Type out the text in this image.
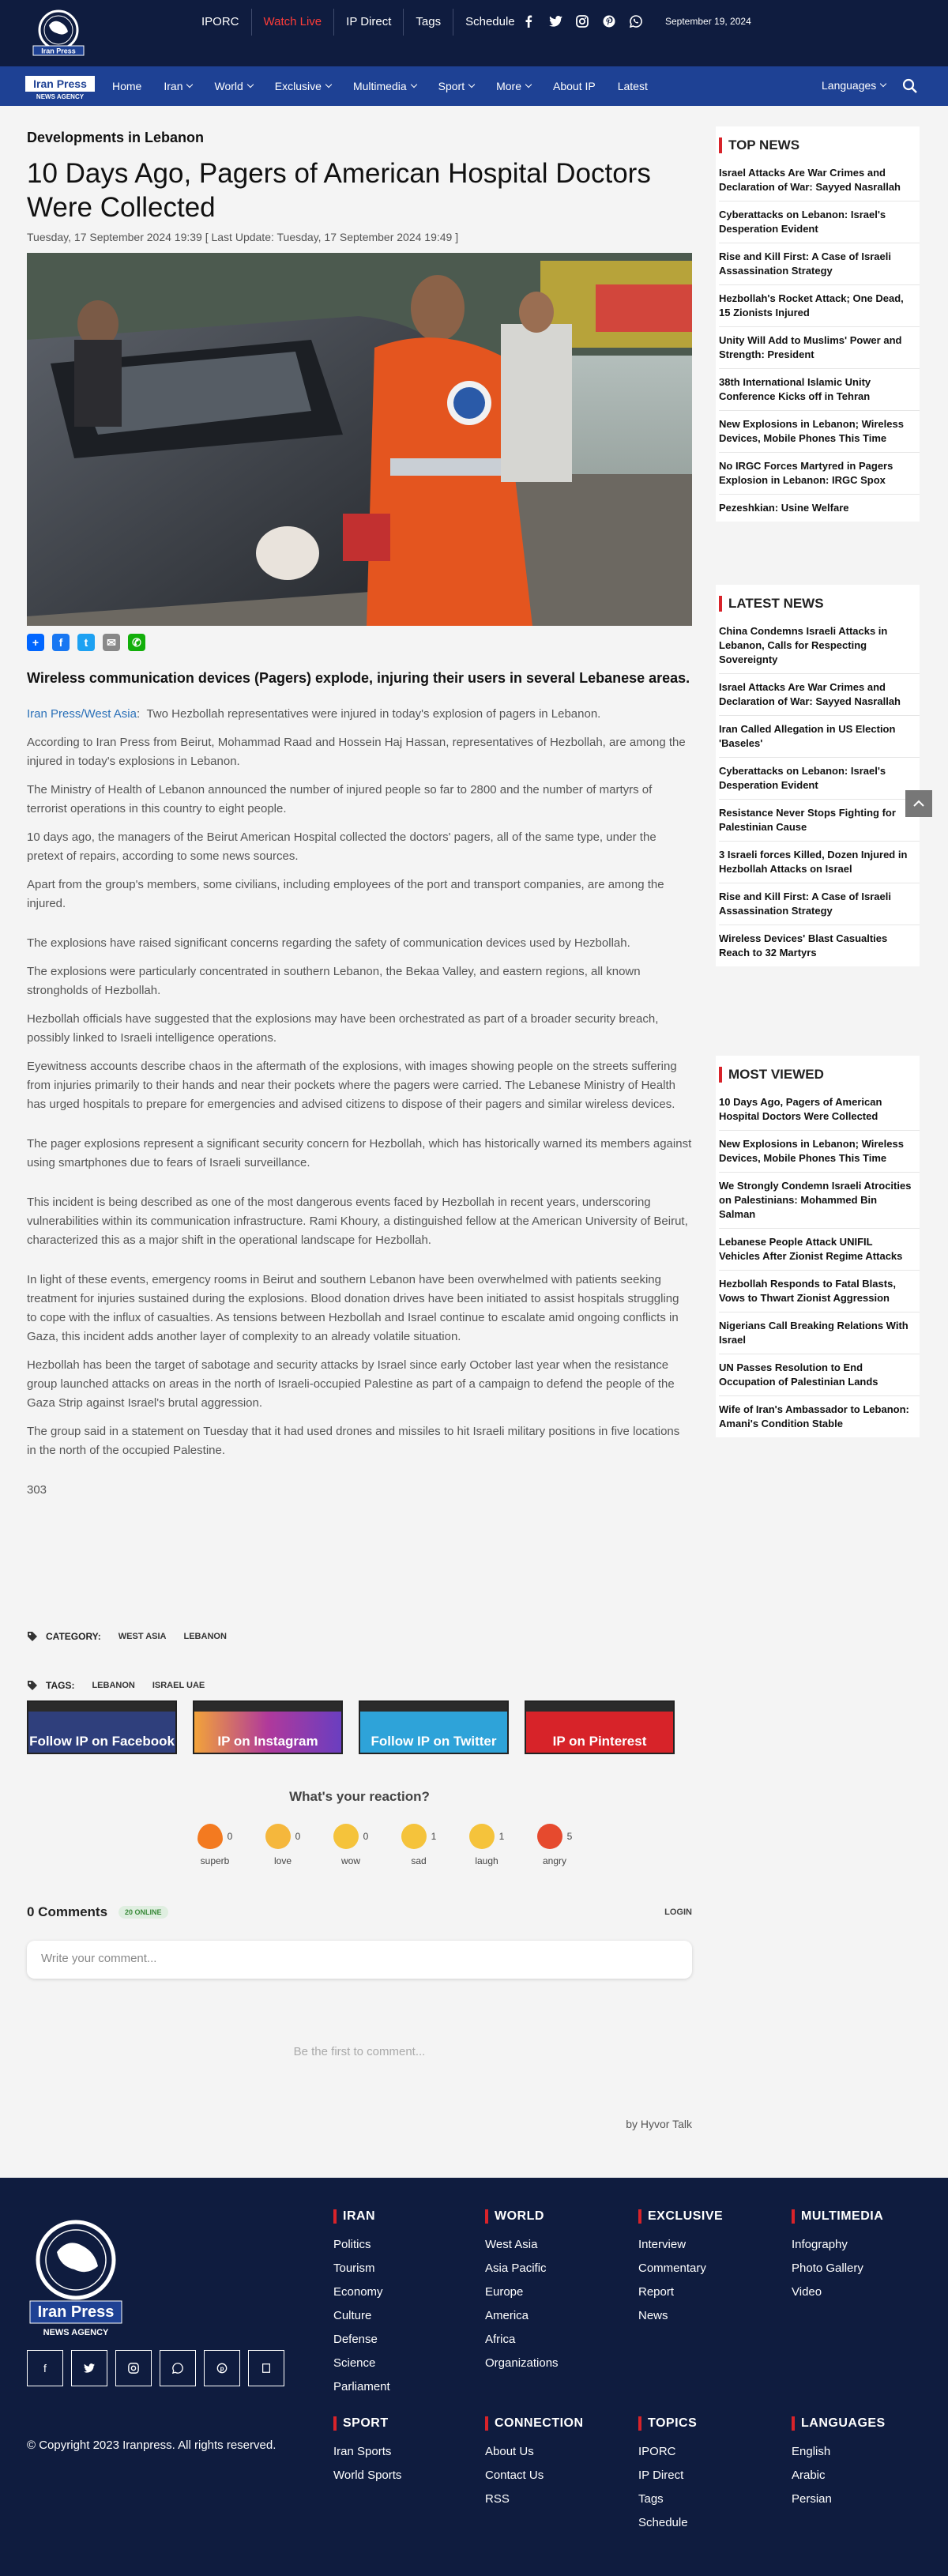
Iran Press
IPORC	Watch Live	IP Direct	Tags	Schedule	September 19, 2024
Iran Press
NEWS AGENCY
Home Iran	World	Exclusive	Multimedia	Sport	More	About IP Latest	Languages
Developments in Lebanon
10 Days Ago, Pagers of American Hospital Doctors Were Collected
Tuesday, 17 September 2024 19:39 [ Last Update: Tuesday, 17 September 2024 19:49 ]
+	f	t	✉	✆
Wireless communication devices (Pagers) explode, injuring their users in several Lebanese areas.

Iran Press/West Asia:  Two Hezbollah representatives were injured in today's explosion of pagers in Lebanon.

According to Iran Press from Beirut, Mohammad Raad and Hossein Haj Hassan, representatives of Hezbollah, are among the injured in today's explosions in Lebanon.

The Ministry of Health of Lebanon announced the number of injured people so far to 2800 and the number of martyrs of terrorist operations in this country to eight people.

10 days ago, the managers of the Beirut American Hospital collected the doctors' pagers, all of the same type, under the pretext of repairs, according to some news sources.

Apart from the group's members, some civilians, including employees of the port and transport companies, are among the injured.

The explosions have raised significant concerns regarding the safety of communication devices used by Hezbollah.

The explosions were particularly concentrated in southern Lebanon, the Bekaa Valley, and eastern regions, all known strongholds of Hezbollah.

Hezbollah officials have suggested that the explosions may have been orchestrated as part of a broader security breach, possibly linked to Israeli intelligence operations.

Eyewitness accounts describe chaos in the aftermath of the explosions, with images showing people on the streets suffering from injuries primarily to their hands and near their pockets where the pagers were carried. The Lebanese Ministry of Health has urged hospitals to prepare for emergencies and advised citizens to dispose of their pagers and similar wireless devices.

The pager explosions represent a significant security concern for Hezbollah, which has historically warned its members against using smartphones due to fears of Israeli surveillance.

This incident is being described as one of the most dangerous events faced by Hezbollah in recent years, underscoring vulnerabilities within its communication infrastructure. Rami Khoury, a distinguished fellow at the American University of Beirut, characterized this as a major shift in the operational landscape for Hezbollah.

In light of these events, emergency rooms in Beirut and southern Lebanon have been overwhelmed with patients seeking treatment for injuries sustained during the explosions. Blood donation drives have been initiated to assist hospitals struggling to cope with the influx of casualties. As tensions between Hezbollah and Israel continue to escalate amid ongoing conflicts in Gaza, this incident adds another layer of complexity to an already volatile situation.

Hezbollah has been the target of sabotage and security attacks by Israel since early October last year when the resistance group launched attacks on areas in the north of Israeli-occupied Palestine as part of a campaign to defend the people of the Gaza Strip against Israel's brutal aggression.

The group said in a statement on Tuesday that it had used drones and missiles to hit Israeli military positions in five locations in the north of the occupied Palestine.

303

CATEGORY: WEST ASIA LEBANON
TAGS: LEBANON ISRAEL UAE
Follow IP on Facebook	IP on Instagram	Follow IP on Twitter	IP on Pinterest
What's your reaction?
0
superb
0
love
0
wow
1
sad
1
laugh
5
angry
0 Comments	20 ONLINE	LOGIN
Write your comment...
Be the first to comment...
by Hyvor Talk
TOP NEWS
Israel Attacks Are War Crimes and Declaration of War: Sayyed Nasrallah
Cyberattacks on Lebanon: Israel's Desperation Evident
Rise and Kill First: A Case of Israeli Assassination Strategy
Hezbollah's Rocket Attack; One Dead, 15 Zionists Injured
Unity Will Add to Muslims' Power and Strength: President
38th International Islamic Unity Conference Kicks off in Tehran
New Explosions in Lebanon; Wireless Devices, Mobile Phones This Time
No IRGC Forces Martyred in Pagers Explosion in Lebanon: IRGC Spox
Pezeshkian: Usine Welfare
LATEST NEWS
China Condemns Israeli Attacks in Lebanon, Calls for Respecting Sovereignty
Israel Attacks Are War Crimes and Declaration of War: Sayyed Nasrallah
Iran Called Allegation in US Election 'Baseles'
Cyberattacks on Lebanon: Israel's Desperation Evident
Resistance Never Stops Fighting for Palestinian Cause
3 Israeli forces Killed, Dozen Injured in Hezbollah Attacks on Israel
Rise and Kill First: A Case of Israeli Assassination Strategy
Wireless Devices' Blast Casualties Reach to 32 Martyrs
MOST VIEWED
10 Days Ago, Pagers of American Hospital Doctors Were Collected
New Explosions in Lebanon; Wireless Devices, Mobile Phones This Time
We Strongly Condemn Israeli Atrocities on Palestinians: Mohammed Bin Salman
Lebanese People Attack UNIFIL Vehicles After Zionist Regime Attacks
Hezbollah Responds to Fatal Blasts, Vows to Thwart Zionist Aggression
Nigerians Call Breaking Relations With Israel
UN Passes Resolution to End Occupation of Palestinian Lands
Wife of Iran's Ambassador to Lebanon: Amani's Condition Stable
Iran Press
NEWS AGENCY
f	p
© Copyright 2023 Iranpress. All rights reserved.
IRAN
Politics
Tourism
Economy
Culture
Defense
Science
Parliament
WORLD
West Asia
Asia Pacific
Europe
America
Africa
Organizations
EXCLUSIVE
Interview
Commentary
Report
News
MULTIMEDIA
Infography
Photo Gallery
Video
SPORT
Iran Sports
World Sports
CONNECTION
About Us
Contact Us
RSS
TOPICS
IPORC
IP Direct
Tags
Schedule
LANGUAGES
English
Arabic
Persian
